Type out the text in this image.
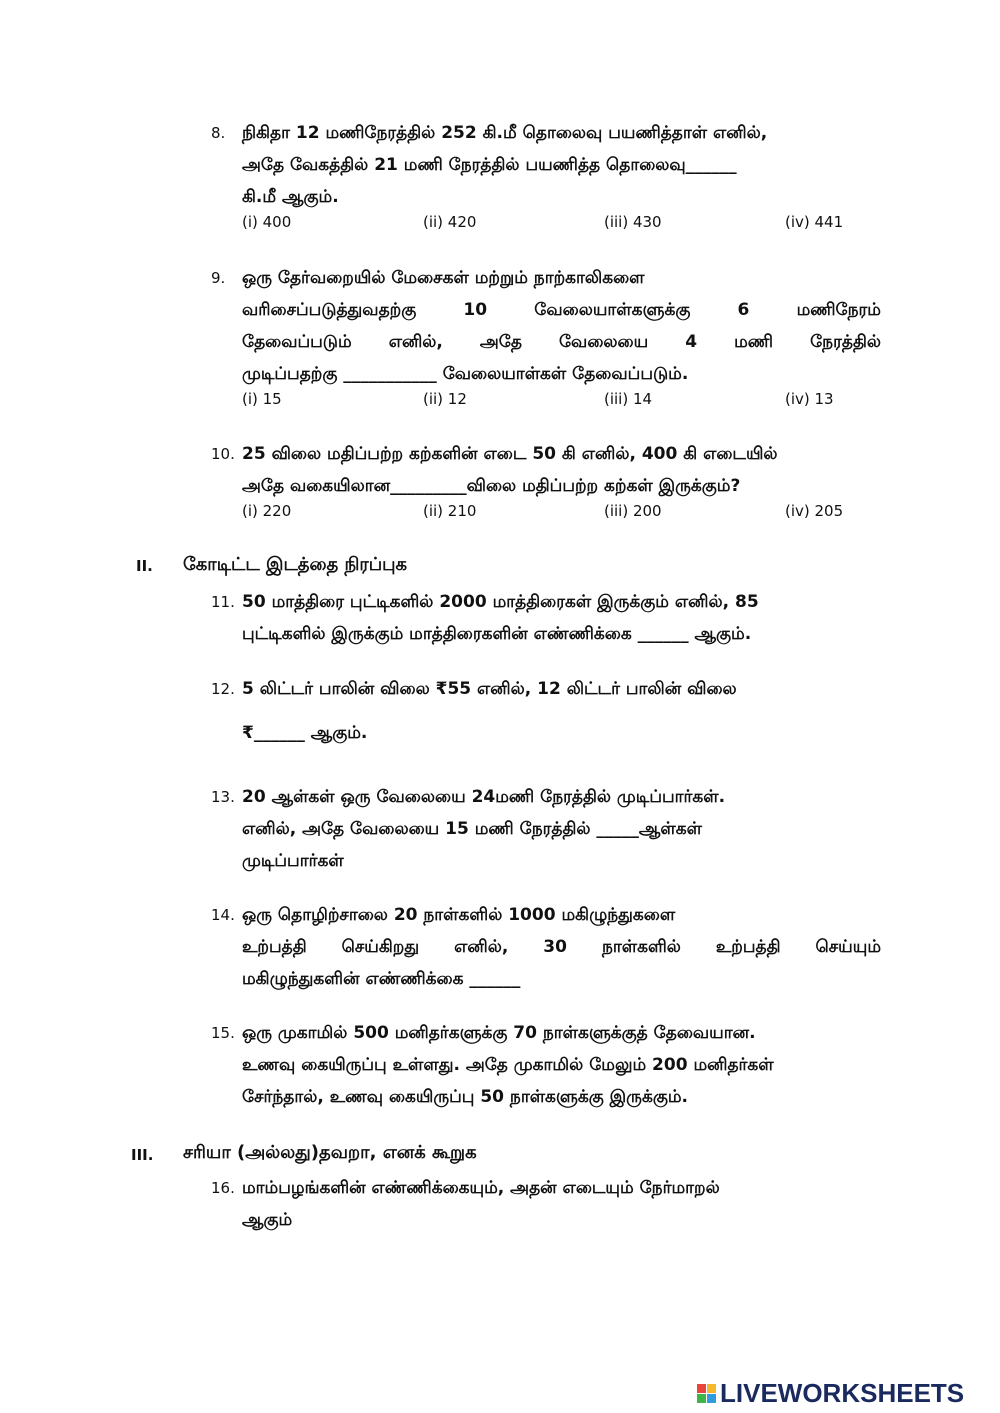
8. நிகிதா 12 மணிநேரத்தில் 252 கி.மீ தொலைவு பயணித்தாள் எனில்,
அதே வேகத்தில் 21 மணி நேரத்தில் பயணித்த தொலைவு______
கி.மீ ஆகும்.
(i) 400	(ii) 420	(iii) 430	(iv) 441
9. ஒரு தேர்வறையில் மேசைகள் மற்றும் நாற்காலிகளை
வரிசைப்படுத்துவதற்கு 10 வேலையாள்களுக்கு 6 மணிநேரம்
தேவைப்படும் எனில், அதே வேலையை 4 மணி நேரத்தில்
முடிப்பதற்கு ___________ வேலையாள்கள் தேவைப்படும்.
(i) 15	(ii) 12	(iii) 14	(iv) 13
10. 25 விலை மதிப்பற்ற கற்களின் எடை 50 கி எனில், 400 கி எடையில்
அதே வகையிலான_________விலை மதிப்பற்ற கற்கள் இருக்கும்?
(i) 220	(ii) 210	(iii) 200	(iv) 205
II. கோடிட்ட இடத்தை நிரப்புக
11. 50 மாத்திரை புட்டிகளில் 2000 மாத்திரைகள் இருக்கும் எனில், 85
புட்டிகளில் இருக்கும் மாத்திரைகளின் எண்ணிக்கை ______ ஆகும்.
12. 5 லிட்டர் பாலின் விலை ₹55 எனில், 12 லிட்டர் பாலின் விலை
₹______ ஆகும்.
13. 20 ஆள்கள் ஒரு வேலையை 24மணி நேரத்தில் முடிப்பார்கள்.
எனில், அதே வேலையை 15 மணி நேரத்தில் _____ஆள்கள்
முடிப்பார்கள்
14. ஒரு தொழிற்சாலை 20 நாள்களில் 1000 மகிழுந்துகளை
உற்பத்தி செய்கிறது எனில், 30 நாள்களில் உற்பத்தி செய்யும்
மகிழுந்துகளின் எண்ணிக்கை ______
15. ஒரு முகாமில் 500 மனிதர்களுக்கு 70 நாள்களுக்குத் தேவையான.
உணவு கையிருப்பு உள்ளது. அதே முகாமில் மேலும் 200 மனிதர்கள்
சேர்ந்தால், உணவு கையிருப்பு 50 நாள்களுக்கு இருக்கும்.
III. சரியா (அல்லது)தவறா, எனக் கூறுக
16. மாம்பழங்களின் எண்ணிக்கையும், அதன் எடையும் நேர்மாறல்
ஆகும்
LIVEWORKSHEETS
